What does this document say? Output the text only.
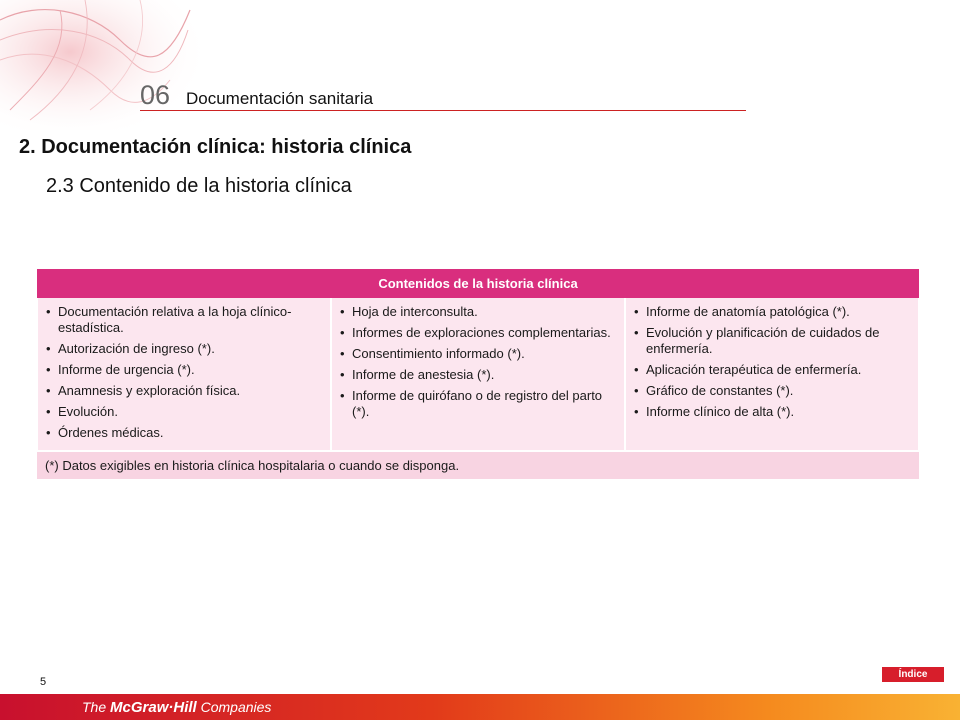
06 Documentación sanitaria
2. Documentación clínica: historia clínica
2.3 Contenido de la historia clínica
Contenidos de la historia clínica

• Documentación relativa a la hoja clínico-estadística.
• Autorización de ingreso (*).
• Informe de urgencia (*).
• Anamnesis y exploración física.
• Evolución.
• Órdenes médicas.

• Hoja de interconsulta.
• Informes de exploraciones complementarias.
• Consentimiento informado (*).
• Informe de anestesia (*).
• Informe de quirófano o de registro del parto (*).

• Informe de anatomía patológica (*).
• Evolución y planificación de cuidados de enfermería.
• Aplicación terapéutica de enfermería.
• Gráfico de constantes (*).
• Informe clínico de alta (*).

(*) Datos exigibles en historia clínica hospitalaria o cuando se disponga.
5
Índice
The McGraw·Hill Companies
